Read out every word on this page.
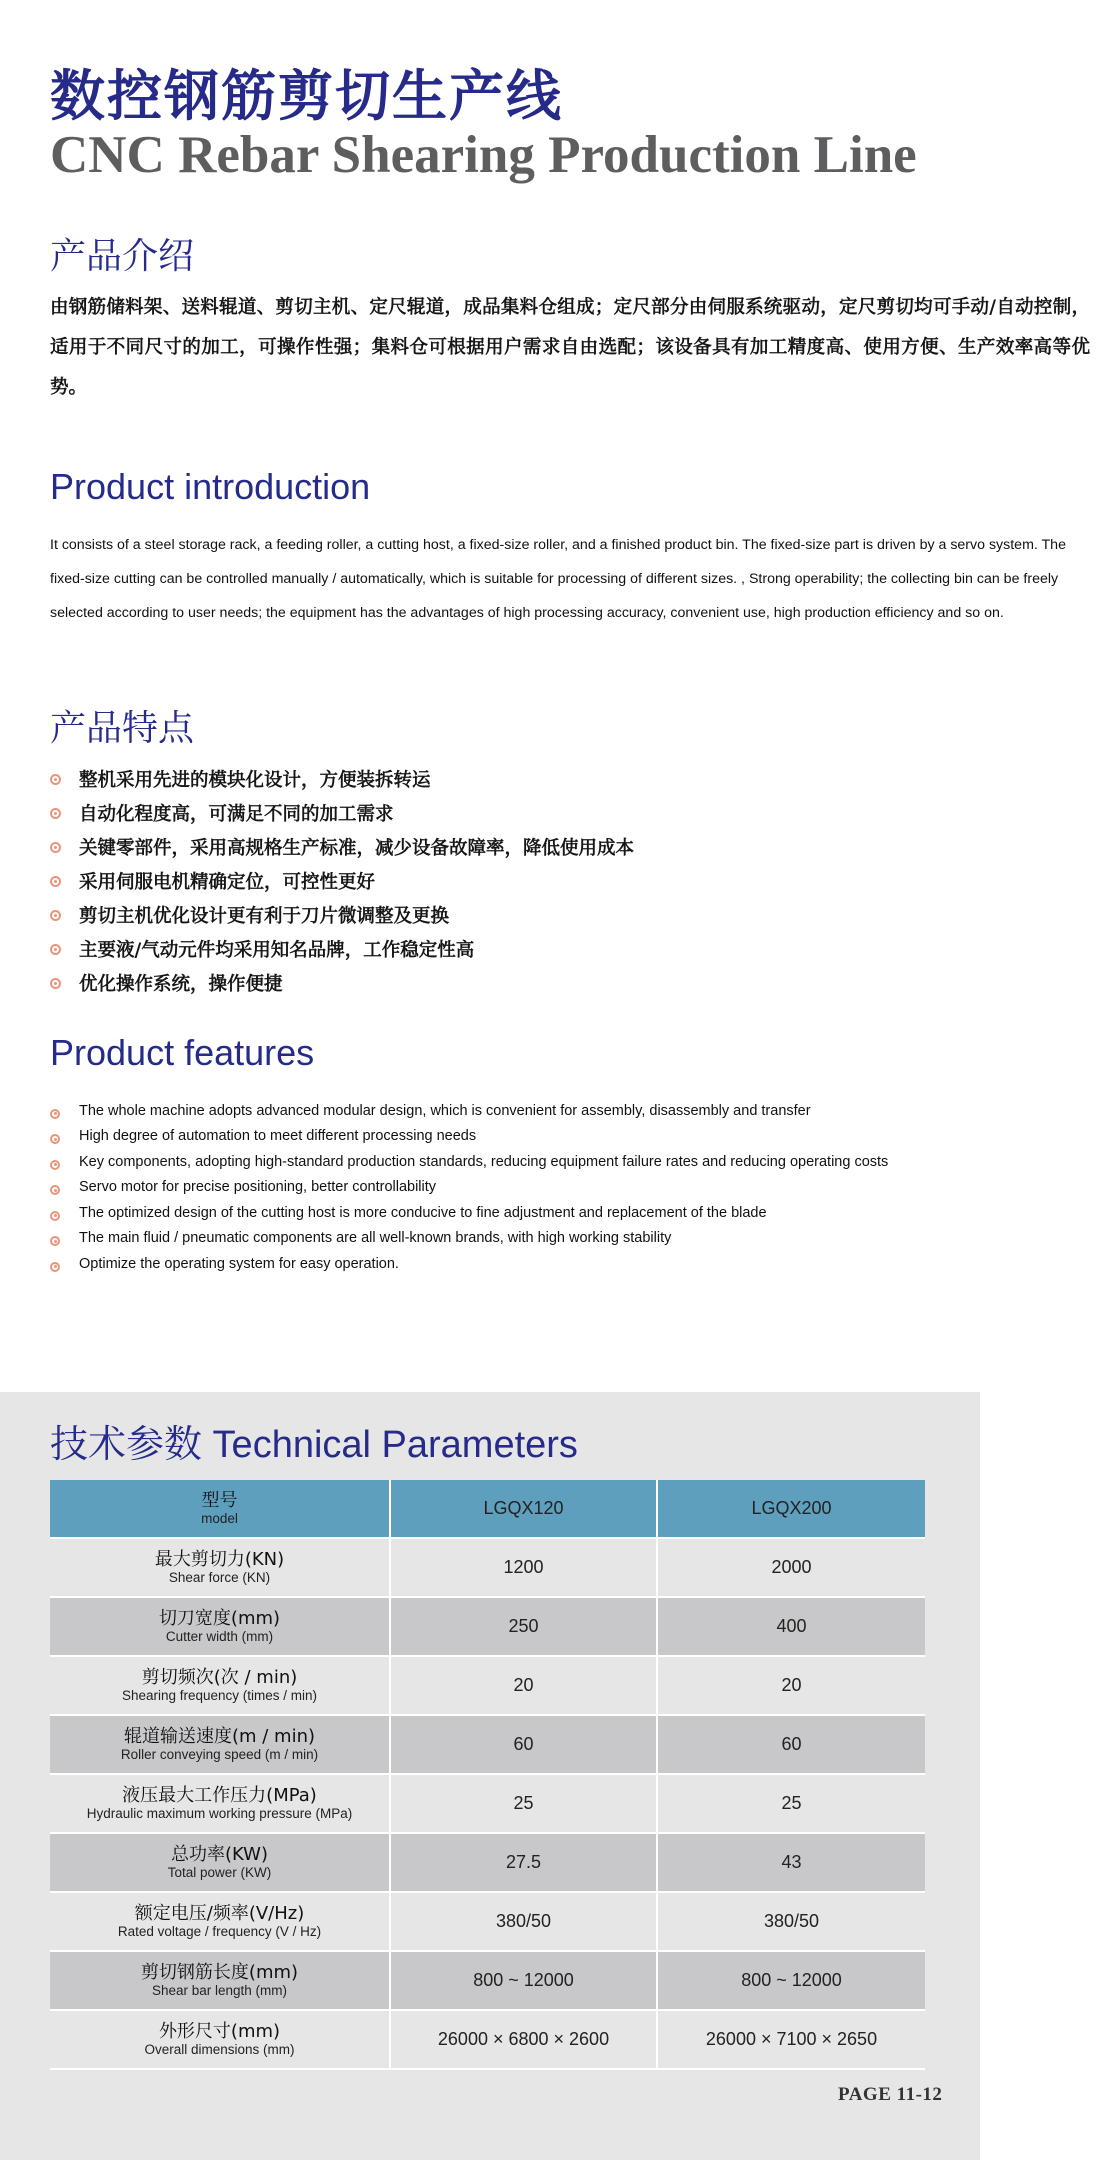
数控钢筋剪切生产线
CNC Rebar Shearing Production Line
产品介绍
由钢筋储料架、送料辊道、剪切主机、定尺辊道，成品集料仓组成；定尺部分由伺服系统驱动，定尺剪切均可手动/自动控制，适用于不同尺寸的加工，可操作性强；集料仓可根据用户需求自由选配；该设备具有加工精度高、使用方便、生产效率高等优势。
Product introduction
It consists of a steel storage rack, a feeding roller, a cutting host, a fixed-size roller, and a finished product bin. The fixed-size part is driven by a servo system. The fixed-size cutting can be controlled manually / automatically, which is suitable for processing of different sizes. , Strong operability; the collecting bin can be freely selected according to user needs; the equipment has the advantages of high processing accuracy, convenient use, high production efficiency and so on.
产品特点
整机采用先进的模块化设计，方便装拆转运
自动化程度高，可满足不同的加工需求
关键零部件，采用高规格生产标准，减少设备故障率，降低使用成本
采用伺服电机精确定位，可控性更好
剪切主机优化设计更有利于刀片微调整及更换
主要液/气动元件均采用知名品牌，工作稳定性高
优化操作系统，操作便捷
Product features
The whole machine adopts advanced modular design, which is convenient for assembly, disassembly and transfer
High degree of automation to meet different processing needs
Key components, adopting high-standard production standards, reducing equipment failure rates and reducing operating costs
Servo motor for precise positioning, better controllability
The optimized design of the cutting host is more conducive to fine adjustment and replacement of the blade
The main fluid / pneumatic components are all well-known brands, with high working stability
Optimize the operating system for easy operation.
技术参数 Technical Parameters
型号
model	LGQX120	LGQX200

最大剪切力(KN)
Shear force (KN)	1200	2000

切刀宽度(mm)
Cutter width (mm)	250	400

剪切频次(次 / min)
Shearing frequency (times / min)	20	20

辊道输送速度(m / min)
Roller conveying speed (m / min)	60	60

液压最大工作压力(MPa)
Hydraulic maximum working pressure (MPa)	25	25

总功率(KW)
Total power (KW)	27.5	43

额定电压/频率(V/Hz)
Rated voltage / frequency (V / Hz)	380/50	380/50

剪切钢筋长度(mm)
Shear bar length (mm)	800 ~ 12000	800 ~ 12000

外形尺寸(mm)
Overall dimensions (mm)	26000 × 6800 × 2600	26000 × 7100 × 2650
PAGE 11-12
